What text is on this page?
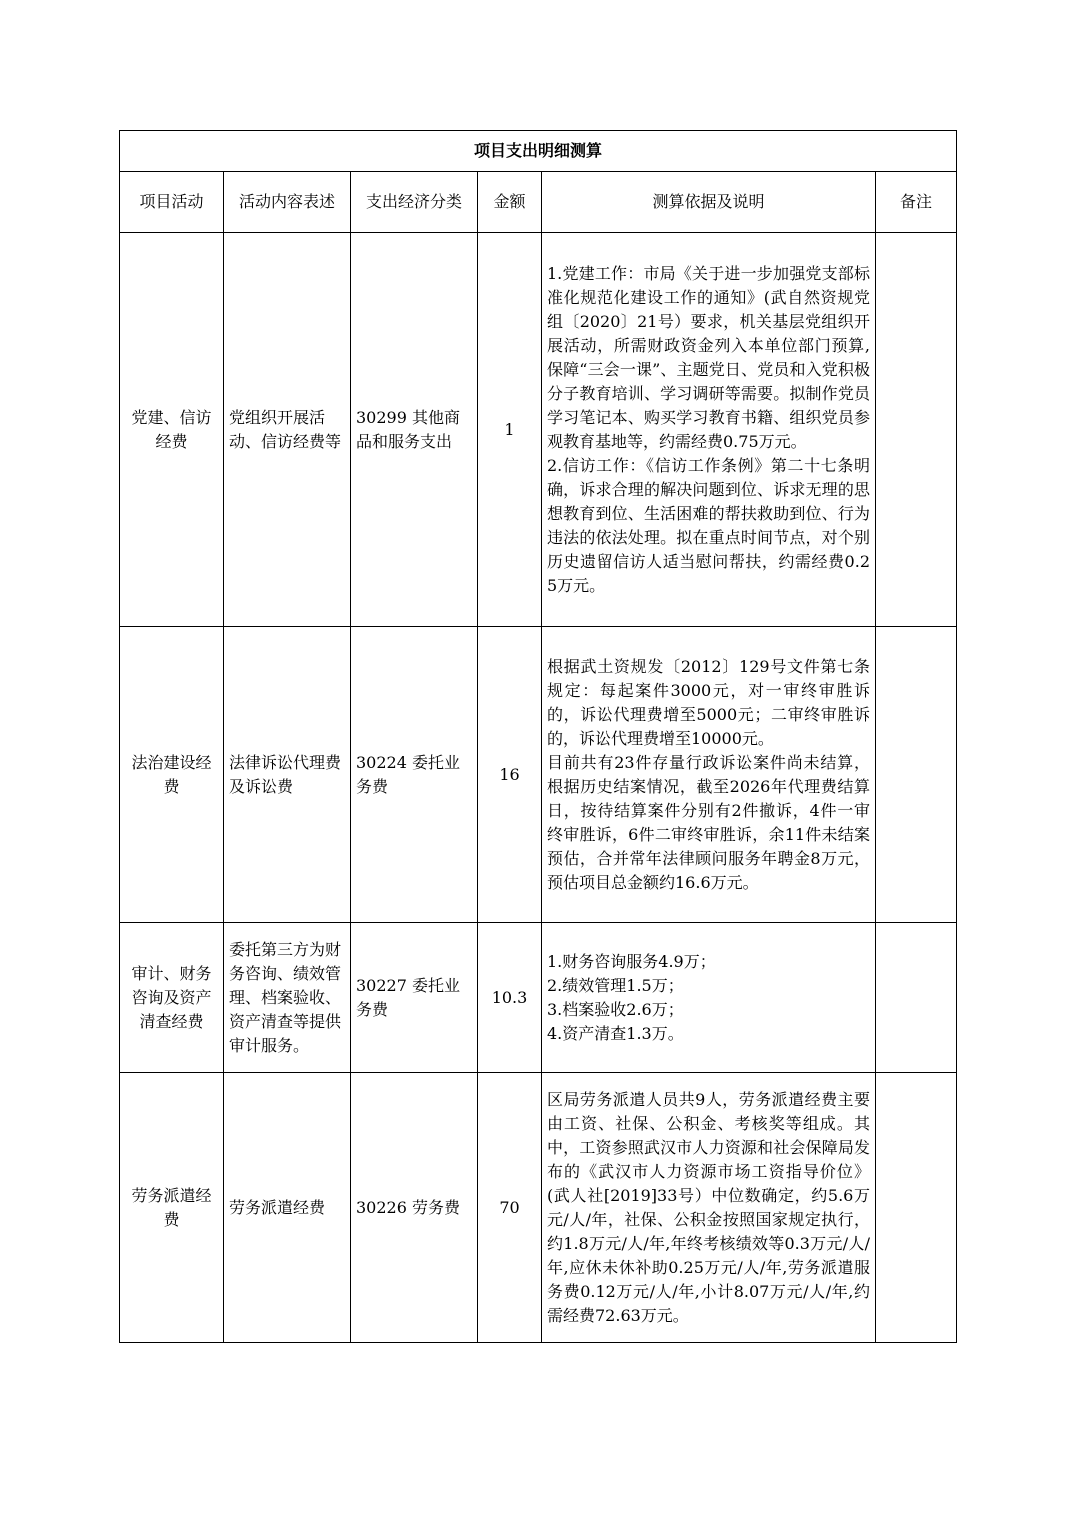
项目支出明细测算					
项目活动	活动内容表述	支出经济分类	金额	测算依据及说明	备注
党建、信访经费	党组织开展活动、信访经费等	30299 其他商品和服务支出	1	1.党建工作：市局《关于进一步加强党支部标准化规范化建设工作的通知》(武自然资规党组〔2020〕21号）要求，机关基层党组织开展活动，所需财政资金列入本单位部门预算,保障“三会一课”、主题党日、党员和入党积极分子教育培训、学习调研等需要。拟制作党员学习笔记本、购买学习教育书籍、组织党员参观教育基地等，约需经费0.75万元。

2.信访工作：《信访工作条例》第二十七条明确，诉求合理的解决问题到位、诉求无理的思想教育到位、生活困难的帮扶救助到位、行为违法的依法处理。拟在重点时间节点，对个别历史遗留信访人适当慰问帮扶，约需经费0.25万元。	

法治建设经费	法律诉讼代理费及诉讼费	30224 委托业务费	16	根据武土资规发〔2012〕129号文件第七条规定：每起案件3000元，对一审终审胜诉的，诉讼代理费增至5000元；二审终审胜诉的，诉讼代理费增至10000元。

目前共有23件存量行政诉讼案件尚未结算，根据历史结案情况，截至2026年代理费结算日，按待结算案件分别有2件撤诉，4件一审终审胜诉，6件二审终审胜诉，余11件未结案预估，合并常年法律顾问服务年聘金8万元，预估项目总金额约16.6万元。	

审计、财务咨询及资产清查经费	委托第三方为财务咨询、绩效管理、档案验收、资产清查等提供审计服务。	30227 委托业务费	10.3	1.财务咨询服务4.9万；

2.绩效管理1.5万；

3.档案验收2.6万；

4.资产清查1.3万。	

劳务派遣经费	劳务派遣经费	30226 劳务费	70	区局劳务派遣人员共9人，劳务派遣经费主要由工资、社保、公积金、考核奖等组成。其中，工资参照武汉市人力资源和社会保障局发布的《武汉市人力资源市场工资指导价位》(武人社[2019]33号）中位数确定，约5.6万元/人/年，社保、公积金按照国家规定执行，约1.8万元/人/年,年终考核绩效等0.3万元/人/年,应休未休补助0.25万元/人/年,劳务派遣服务费0.12万元/人/年,小计8.07万元/人/年,约需经费72.63万元。	
